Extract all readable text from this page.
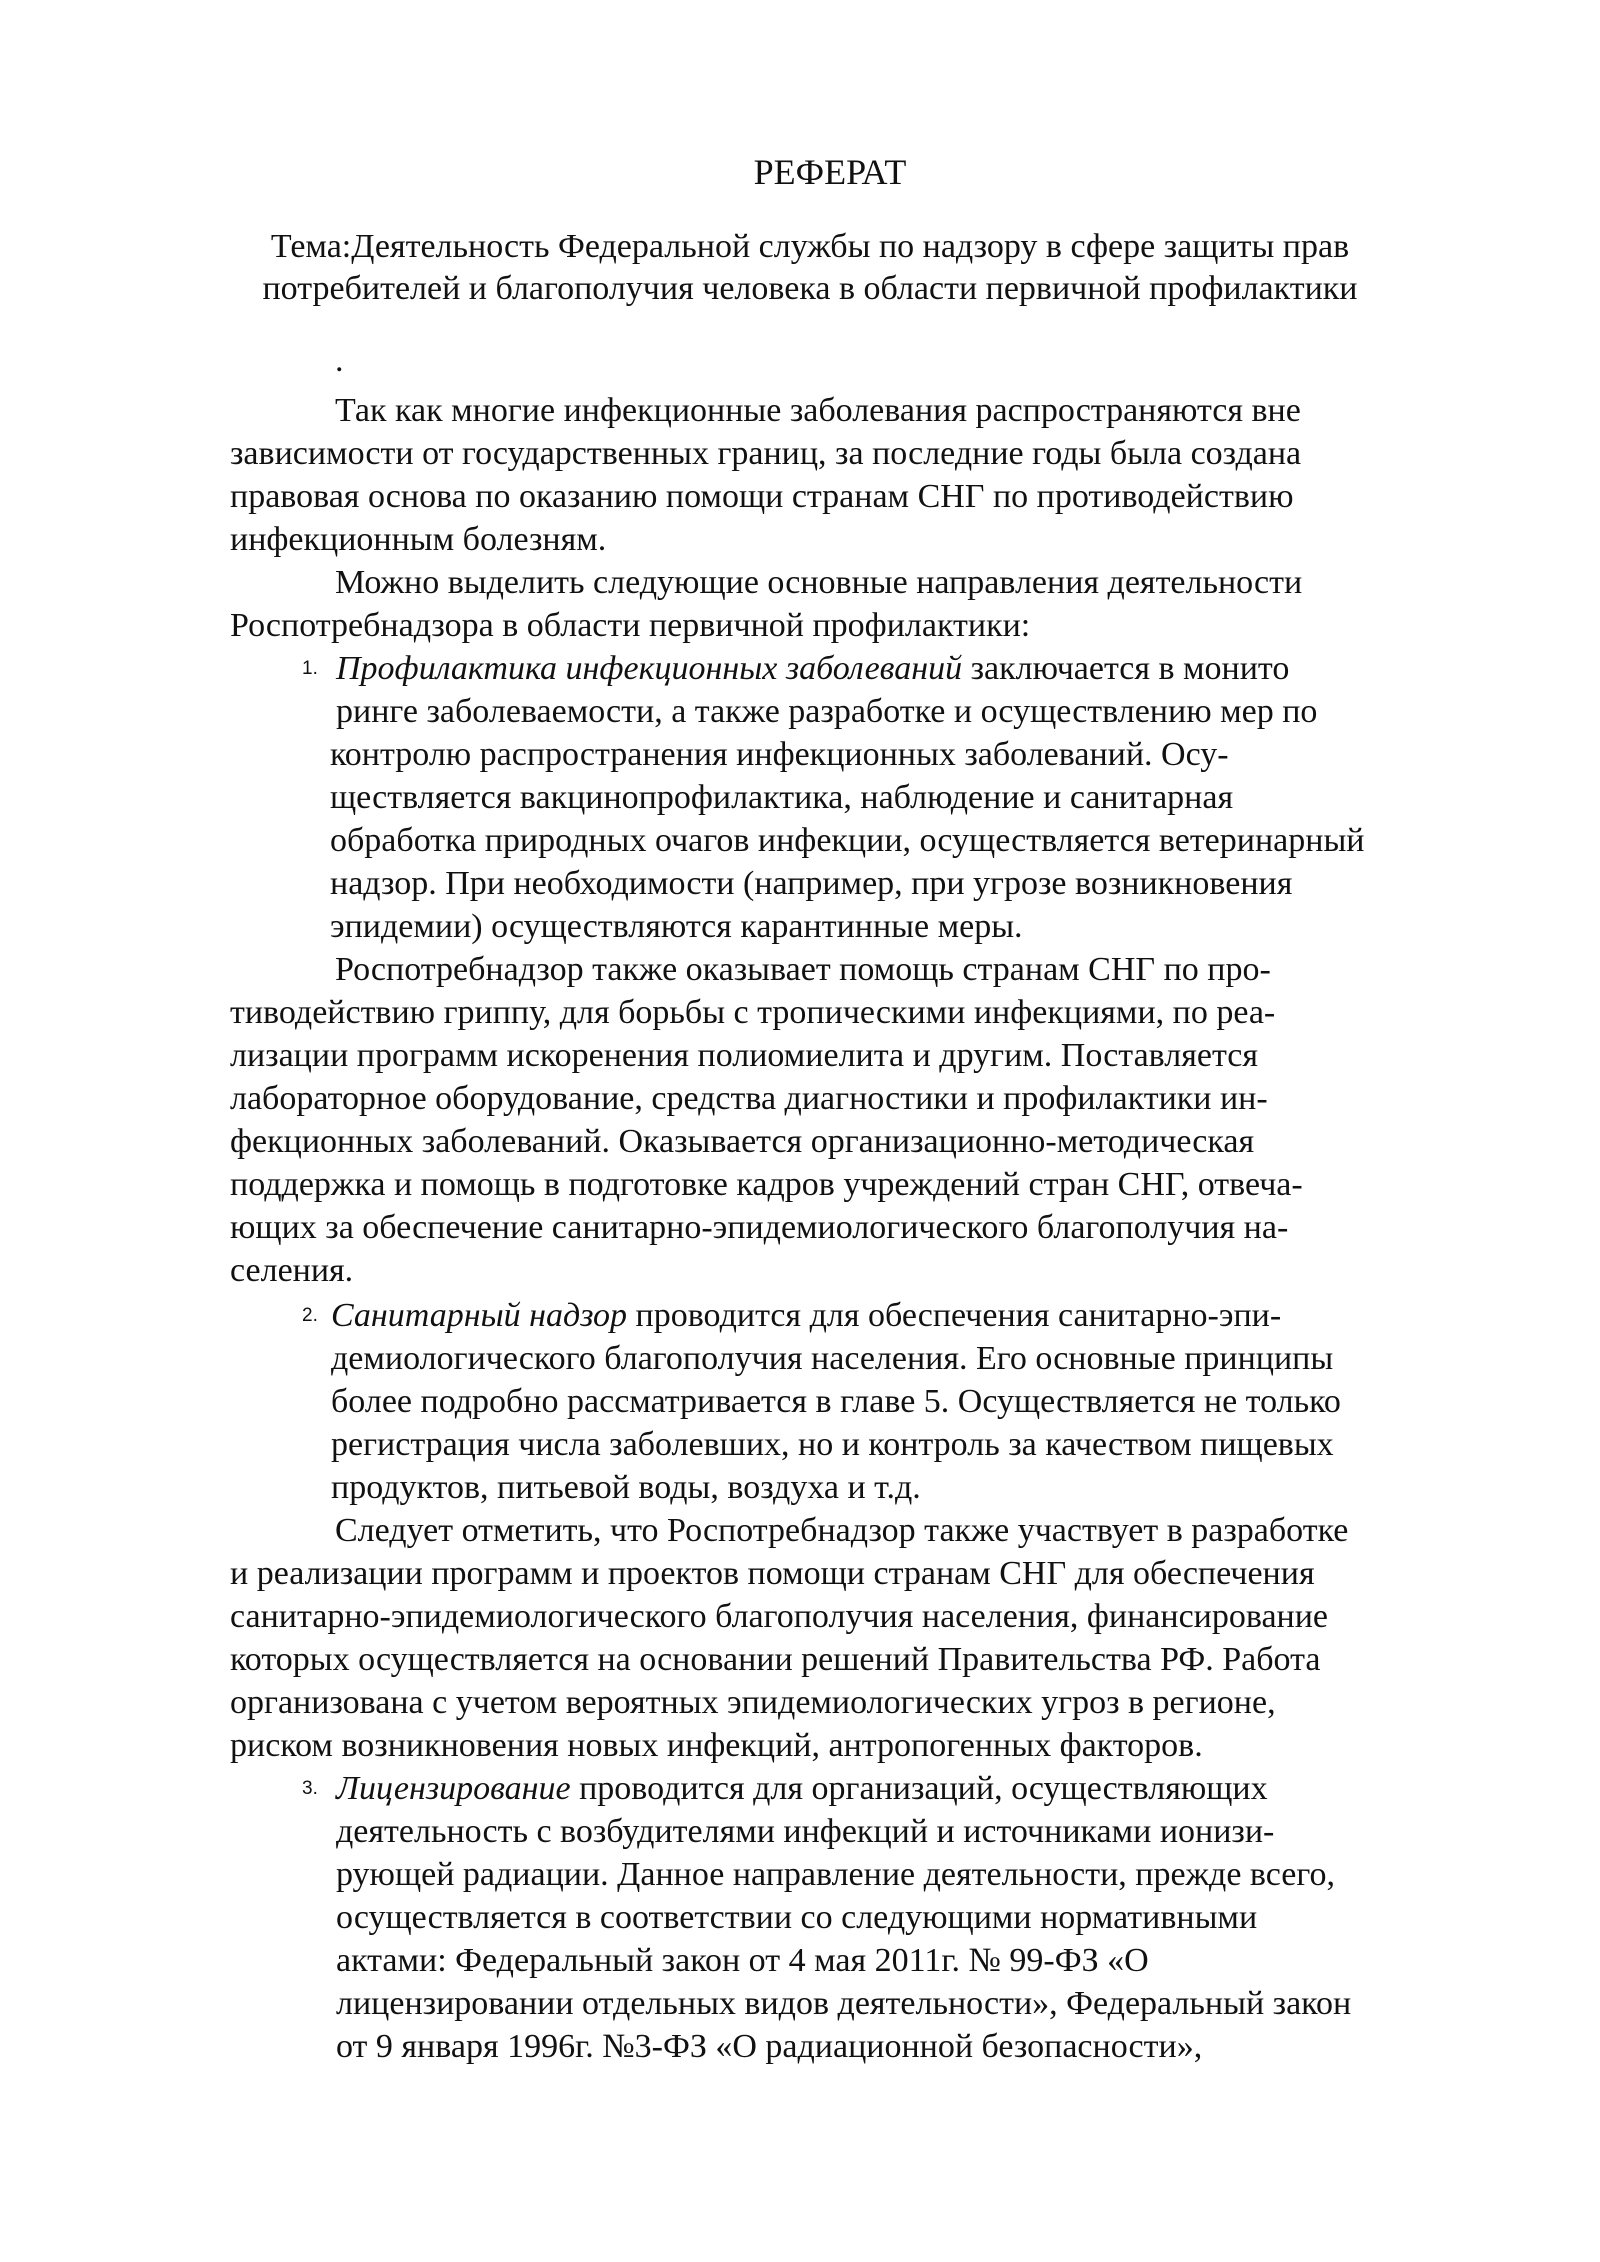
РЕФЕРАТ
Тема:Деятельность Федеральной службы по надзору в сфере защиты прав
потребителей и благополучия человека в области первичной профилактики
.
Так как многие инфекционные заболевания распространяются вне
зависимости от государственных границ, за последние годы была создана
правовая основа по оказанию помощи странам СНГ по противодействию
инфекционным болезням.
Можно выделить следующие основные направления деятельности
Роспотребнадзора в области первичной профилактики:
1. Профилактика инфекционных заболеваний заключается в монито
ринге заболеваемости, а также разработке и осуществлению мер по
контролю распространения инфекционных заболеваний. Осу-
ществляется вакцинопрофилактика, наблюдение и санитарная
обработка природных очагов инфекции, осуществляется ветеринарный
надзор. При необходимости (например, при угрозе возникновения
эпидемии) осуществляются карантинные меры.
Роспотребнадзор также оказывает помощь странам СНГ по про-
тиводействию гриппу, для борьбы с тропическими инфекциями, по реа-
лизации программ искоренения полиомиелита и другим. Поставляется
лабораторное оборудование, средства диагностики и профилактики ин-
фекционных заболеваний. Оказывается организационно-методическая
поддержка и помощь в подготовке кадров учреждений стран СНГ, отвеча-
ющих за обеспечение санитарно-эпидемиологического благополучия на-
селения.
2. Санитарный надзор проводится для обеспечения санитарно-эпи-
демиологического благополучия населения. Его основные принципы
более подробно рассматривается в главе 5. Осуществляется не только
регистрация числа заболевших, но и контроль за качеством пищевых
продуктов, питьевой воды, воздуха и т.д.
Следует отметить, что Роспотребнадзор также участвует в разработке
и реализации программ и проектов помощи странам СНГ для обеспечения
санитарно-эпидемиологического благополучия населения, финансирование
которых осуществляется на основании решений Правительства РФ. Работа
организована с учетом вероятных эпидемиологических угроз в регионе,
риском возникновения новых инфекций, антропогенных факторов.
3. Лицензирование проводится для организаций, осуществляющих
деятельность с возбудителями инфекций и источниками ионизи-
рующей радиации. Данное направление деятельности, прежде всего,
осуществляется в соответствии со следующими нормативными
актами: Федеральный закон от 4 мая 2011г. № 99-ФЗ «О
лицензировании отдельных видов деятельности», Федеральный закон
от 9 января 1996г. №3-ФЗ «О радиационной безопасности»,
